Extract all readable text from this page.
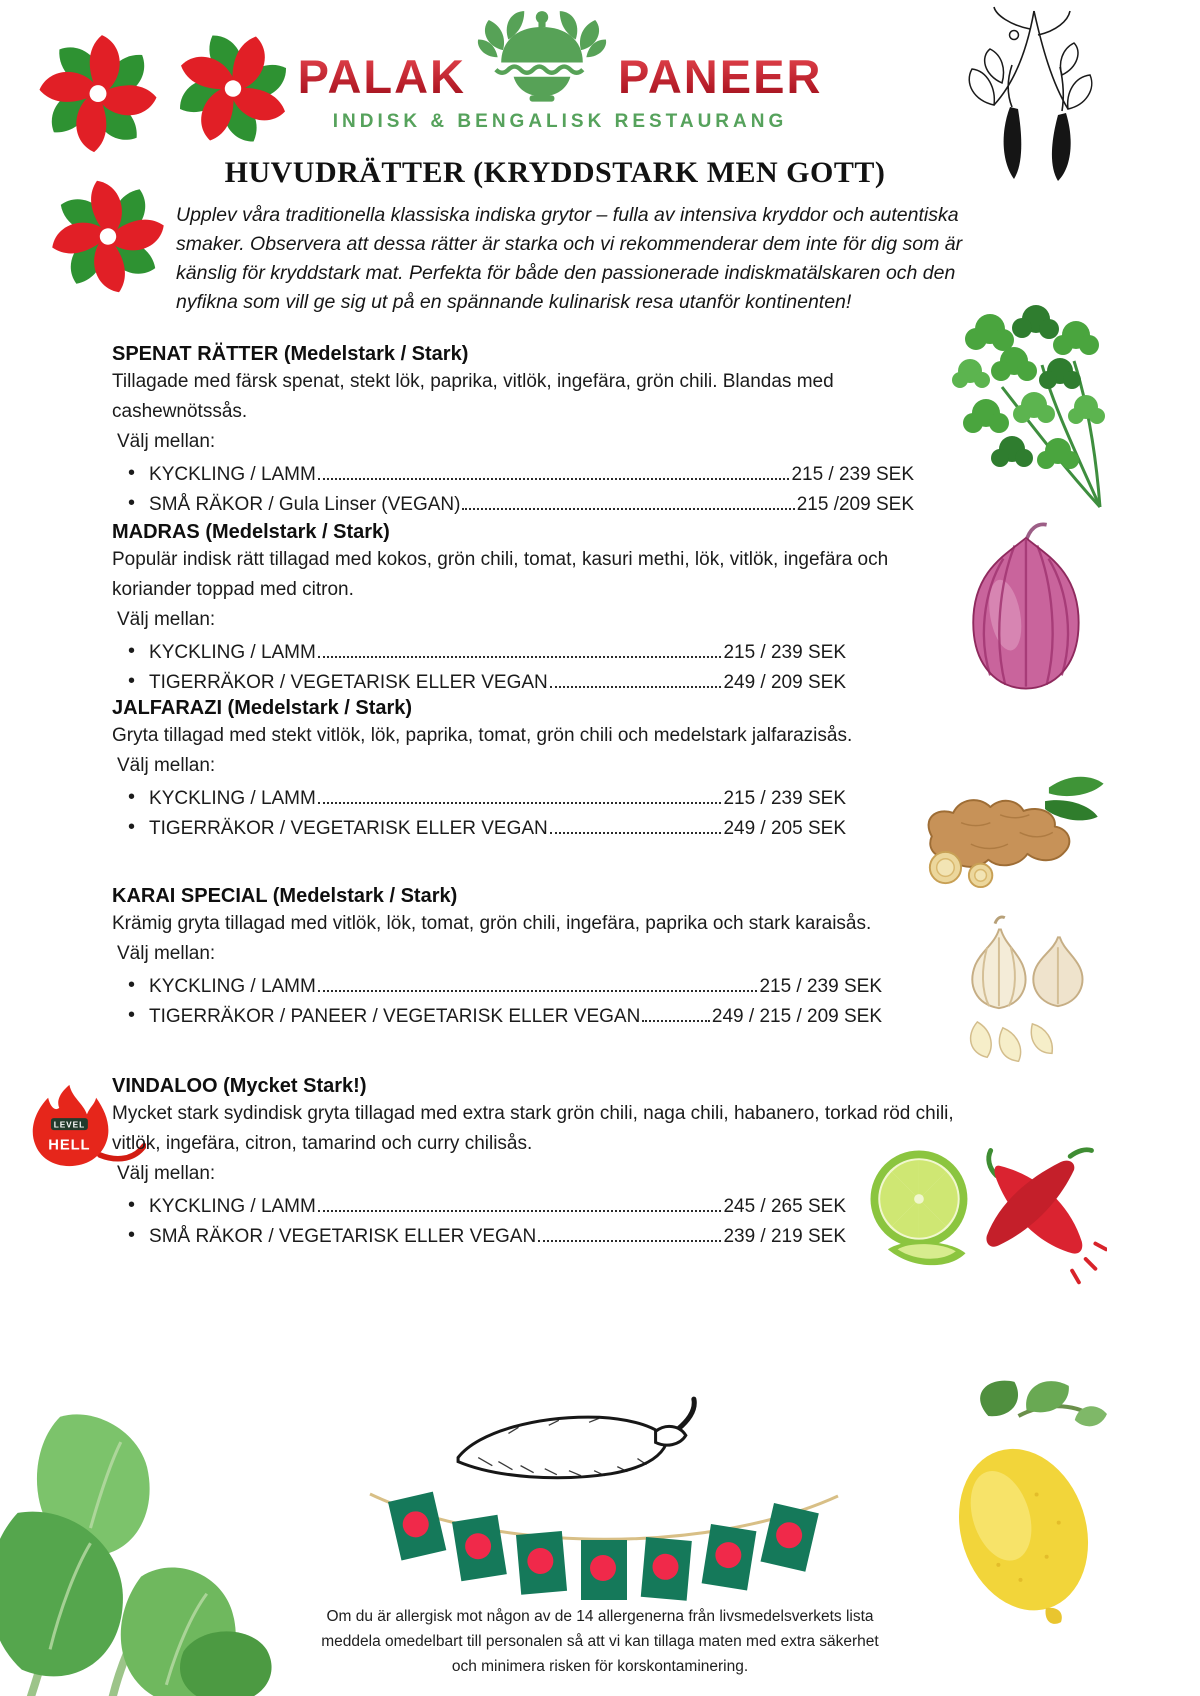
PALAK	PANEER
INDISK & BENGALISK RESTAURANG
HUVUDRÄTTER (KRYDDSTARK MEN GOTT)

Upplev våra traditionella klassiska indiska grytor – fulla av intensiva kryddor och autentiska smaker. Observera att dessa rätter är starka och vi rekommenderar dem inte för dig som är känslig för kryddstark mat. Perfekta för både den passionerade indiskmatälskaren och den nyfikna som vill ge sig ut på en spännande kulinarisk resa utanför kontinenten!

LEVEL
HELL
SPENAT RÄTTER (Medelstark / Stark)

Tillagade med färsk spenat, stekt lök, paprika, vitlök, ingefära, grön chili. Blandas med cashewnötssås.

Välj mellan:

• KYCKLING / LAMM	215 / 239 SEK
• SMÅ RÄKOR / Gula Linser (VEGAN)	215 /209 SEK
MADRAS (Medelstark / Stark)

Populär indisk rätt tillagad med kokos, grön chili, tomat, kasuri methi, lök, vitlök, ingefära och koriander toppad med citron.

Välj mellan:

• KYCKLING / LAMM	215 / 239 SEK
• TIGERRÄKOR / VEGETARISK ELLER VEGAN	249 / 209 SEK
JALFARAZI (Medelstark / Stark)

Gryta tillagad med stekt vitlök, lök, paprika, tomat, grön chili och medelstark jalfarazisås.

Välj mellan:

• KYCKLING / LAMM	215 / 239 SEK
• TIGERRÄKOR / VEGETARISK ELLER VEGAN	249 / 205 SEK
KARAI SPECIAL (Medelstark / Stark)

Krämig gryta tillagad med vitlök, lök, tomat, grön chili, ingefära, paprika och stark karaisås.

Välj mellan:

• KYCKLING / LAMM	215 / 239 SEK
• TIGERRÄKOR / PANEER / VEGETARISK ELLER VEGAN	249 / 215 / 209 SEK
VINDALOO (Mycket Stark!)

Mycket stark sydindisk gryta tillagad med extra stark grön chili, naga chili, habanero, torkad röd chili, vitlök, ingefära, citron, tamarind och curry chilisås.

Välj mellan:

• KYCKLING / LAMM	245 / 265 SEK
• SMÅ RÄKOR / VEGETARISK ELLER VEGAN	239 / 219 SEK
Om du är allergisk mot någon av de 14 allergenerna från livsmedelsverkets lista
meddela omedelbart till personalen så att vi kan tillaga maten med extra säkerhet
och minimera risken för korskontaminering.
